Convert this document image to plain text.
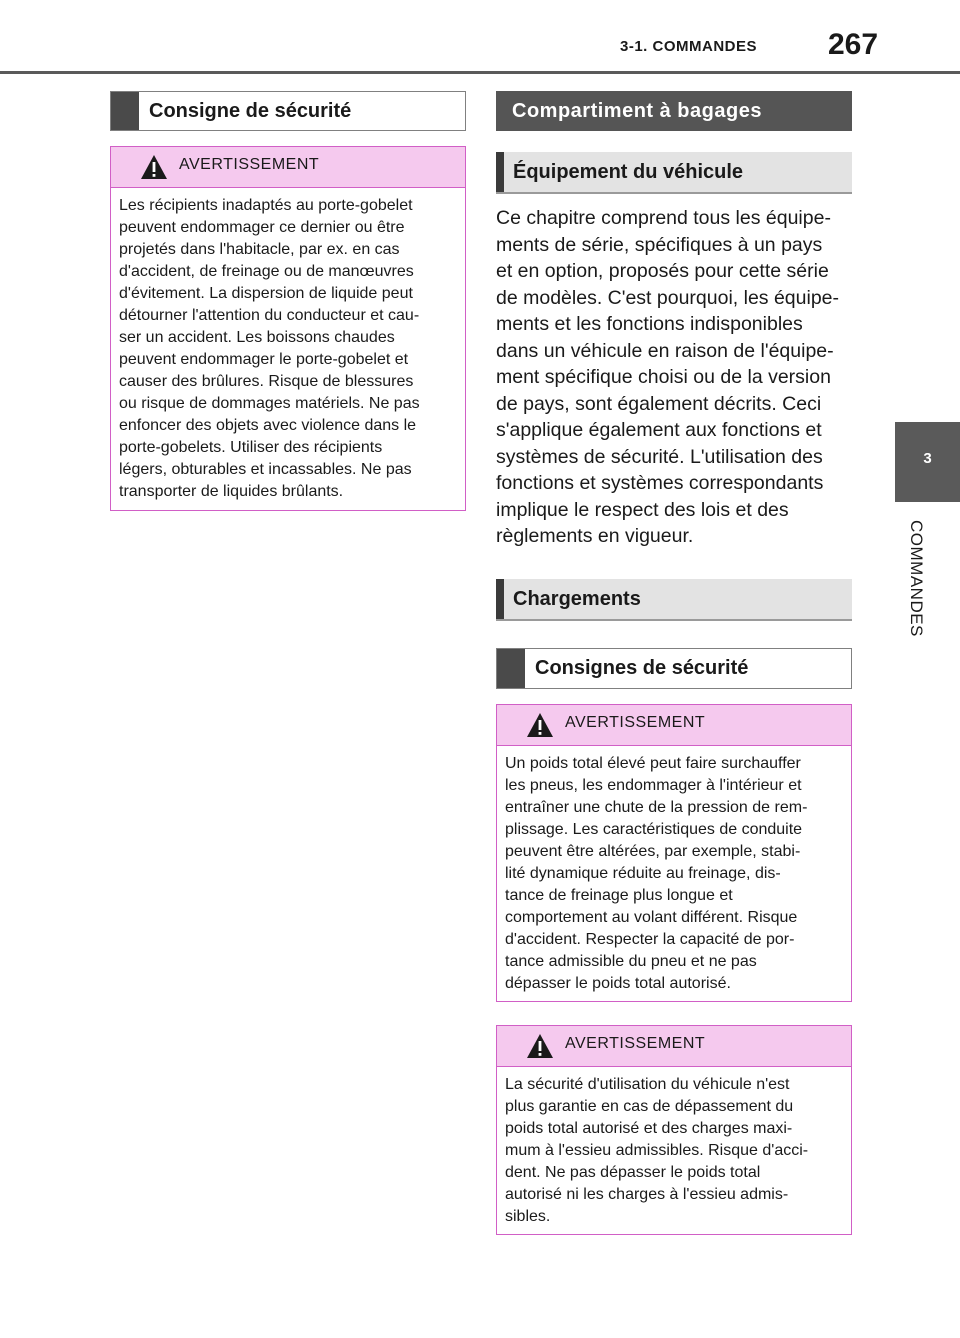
3-1. COMMANDES 267
3
COMMANDES
Consigne de sécurité
AVERTISSEMENT
Les récipients inadaptés au porte-gobelet
peuvent endommager ce dernier ou être
projetés dans l'habitacle, par ex. en cas
d'accident, de freinage ou de manœuvres
d'évitement. La dispersion de liquide peut
détourner l'attention du conducteur et cau-
ser un accident. Les boissons chaudes
peuvent endommager le porte-gobelet et
causer des brûlures. Risque de blessures
ou risque de dommages matériels. Ne pas
enfoncer des objets avec violence dans le
porte-gobelets. Utiliser des récipients
légers, obturables et incassables. Ne pas
transporter de liquides brûlants.
Compartiment à bagages
Équipement du véhicule
Ce chapitre comprend tous les équipe-
ments de série, spécifiques à un pays
et en option, proposés pour cette série
de modèles. C'est pourquoi, les équipe-
ments et les fonctions indisponibles
dans un véhicule en raison de l'équipe-
ment spécifique choisi ou de la version
de pays, sont également décrits. Ceci
s'applique également aux fonctions et
systèmes de sécurité. L'utilisation des
fonctions et systèmes correspondants
implique le respect des lois et des
règlements en vigueur.
Chargements
Consignes de sécurité
AVERTISSEMENT
Un poids total élevé peut faire surchauffer
les pneus, les endommager à l'intérieur et
entraîner une chute de la pression de rem-
plissage. Les caractéristiques de conduite
peuvent être altérées, par exemple, stabi-
lité dynamique réduite au freinage, dis-
tance de freinage plus longue et
comportement au volant différent. Risque
d'accident. Respecter la capacité de por-
tance admissible du pneu et ne pas
dépasser le poids total autorisé.
AVERTISSEMENT
La sécurité d'utilisation du véhicule n'est
plus garantie en cas de dépassement du
poids total autorisé et des charges maxi-
mum à l'essieu admissibles. Risque d'acci-
dent. Ne pas dépasser le poids total
autorisé ni les charges à l'essieu admis-
sibles.
